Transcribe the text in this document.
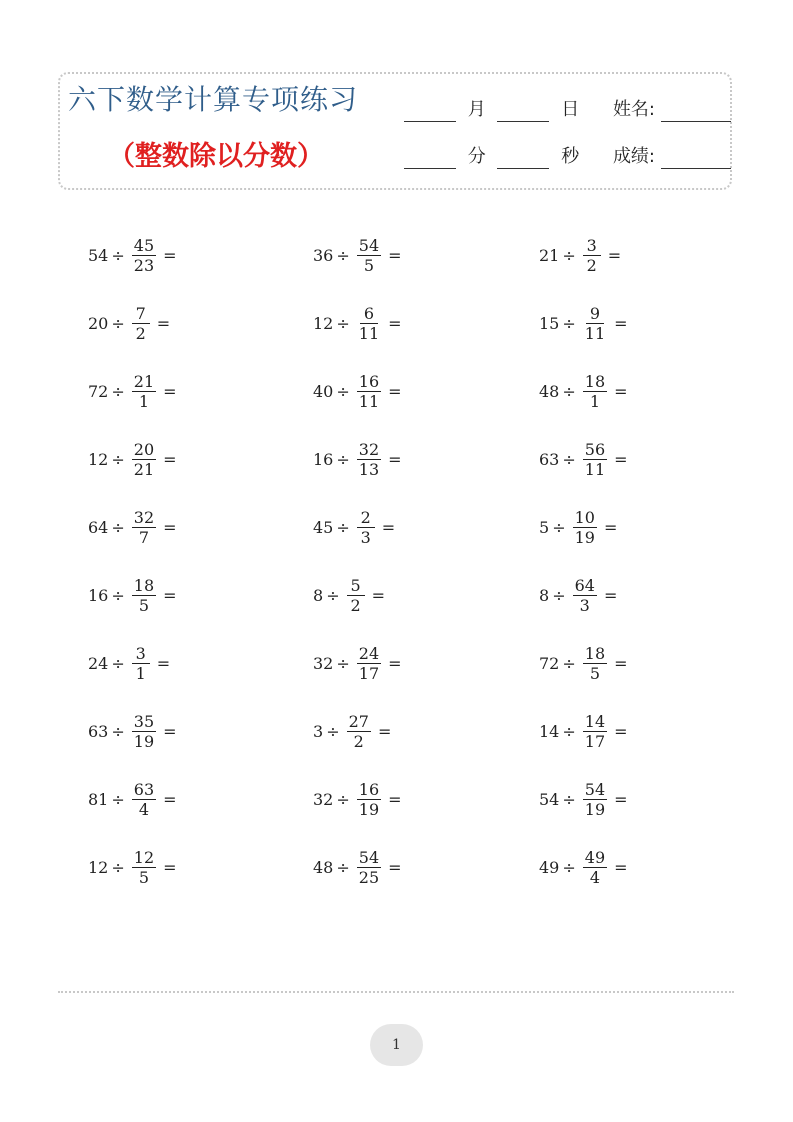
六下数学计算专项练习
（整数除以分数）
月	日 姓名:
分	秒 成绩:
$54 \div \frac{45}{23}$ =	$36 \div \frac{54}{5}$ =	$21 \div \frac{3}{2}$ =
$20 \div \frac{7}{2}$ =	$12 \div \frac{6}{11}$ =	$15 \div \frac{9}{11}$ =
$72 \div \frac{21}{1}$ =	$40 \div \frac{16}{11}$ =	$48 \div \frac{18}{1}$ =
$12 \div \frac{20}{21}$ =	$16 \div \frac{32}{13}$ =	$63 \div \frac{56}{11}$ =
$64 \div \frac{32}{7}$ =	$45 \div \frac{2}{3}$ =	$5 \div \frac{10}{19}$ =
$16 \div \frac{18}{5}$ =	$8 \div \frac{5}{2}$ =	$8 \div \frac{64}{3}$ =
$24 \div \frac{3}{1}$ =	$32 \div \frac{24}{17}$ =	$72 \div \frac{18}{5}$ =
$63 \div \frac{35}{19}$ =	$3 \div \frac{27}{2}$ =	$14 \div \frac{14}{17}$ =
$81 \div \frac{63}{4}$ =	$32 \div \frac{16}{19}$ =	$54 \div \frac{54}{19}$ =
$12 \div \frac{12}{5}$ =	$48 \div \frac{54}{25}$ =	$49 \div \frac{49}{4}$ =
1
